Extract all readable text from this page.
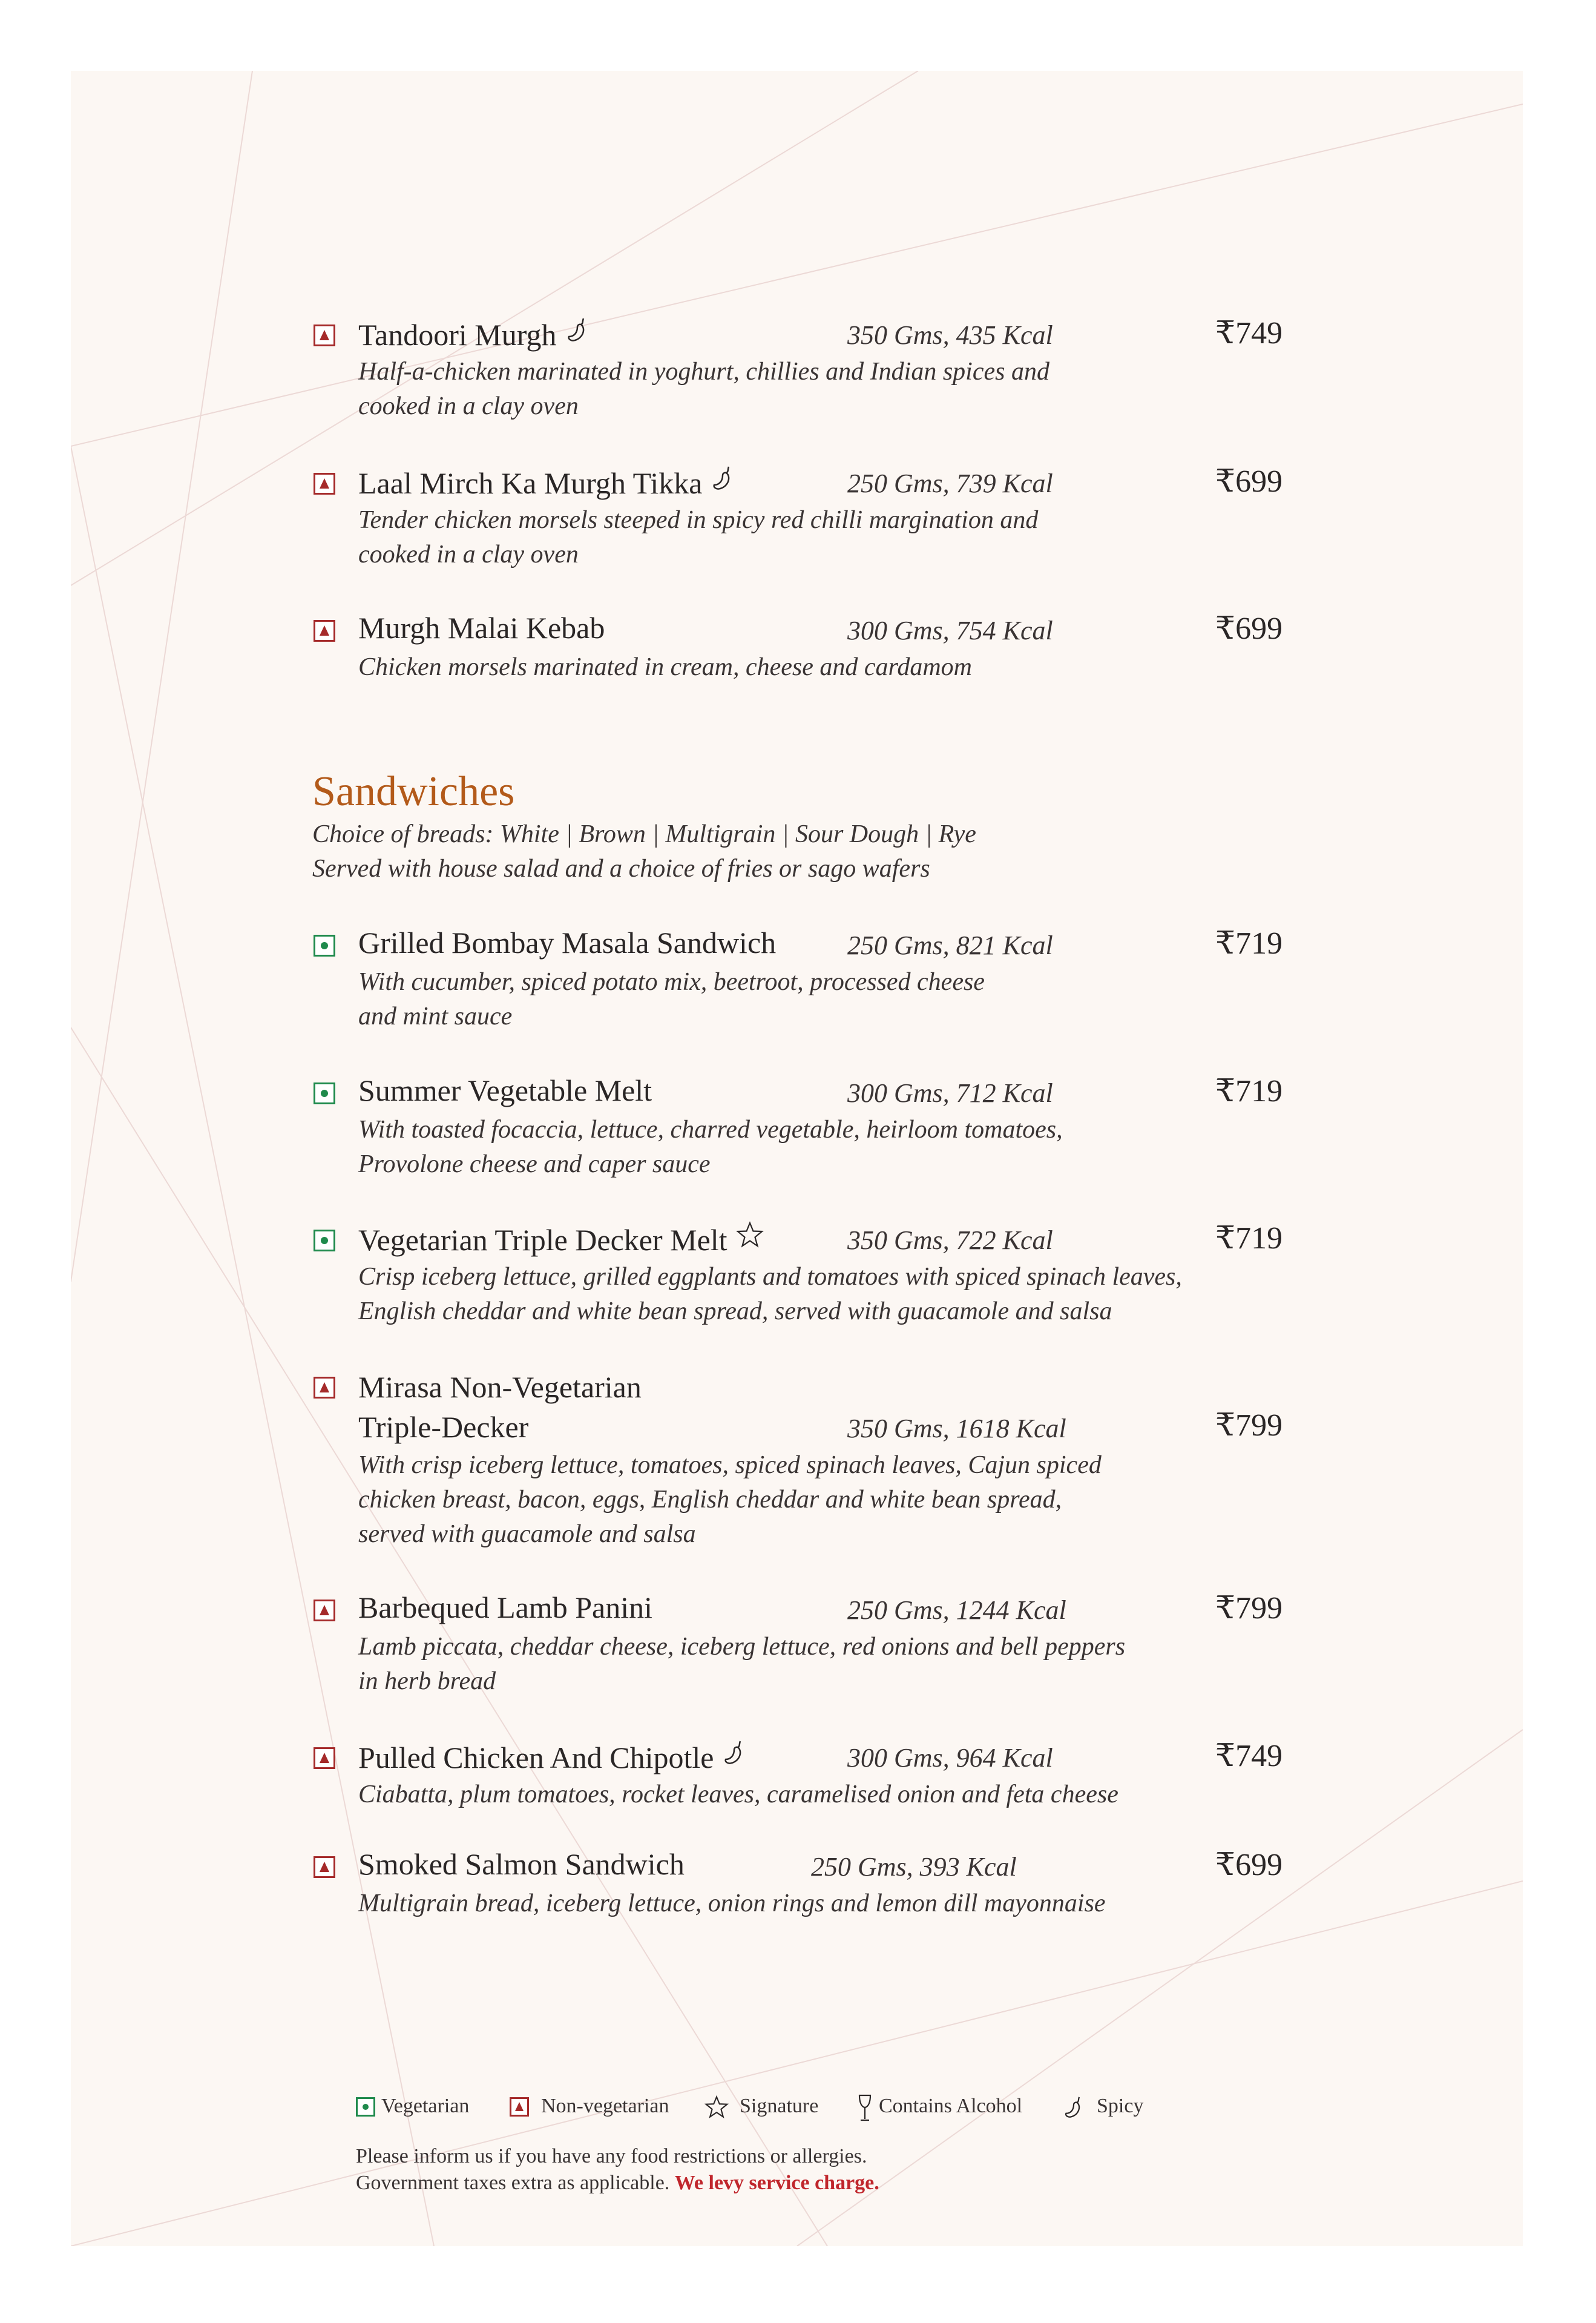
Tandoori Murgh	350 Gms, 435 Kcal	₹749
Half-a-chicken marinated in yoghurt, chillies and Indian spices and
cooked in a clay oven
Laal Mirch Ka Murgh Tikka	250 Gms, 739 Kcal	₹699
Tender chicken morsels steeped in spicy red chilli margination and
cooked in a clay oven
Murgh Malai Kebab	300 Gms, 754 Kcal	₹699
Chicken morsels marinated in cream, cheese and cardamom
Sandwiches
Choice of breads: White | Brown | Multigrain | Sour Dough | Rye
Served with house salad and a choice of fries or sago wafers
Grilled Bombay Masala Sandwich	250 Gms, 821 Kcal	₹719
With cucumber, spiced potato mix, beetroot, processed cheese
and mint sauce
Summer Vegetable Melt	300 Gms, 712 Kcal	₹719
With toasted focaccia, lettuce, charred vegetable, heirloom tomatoes,
Provolone cheese and caper sauce
Vegetarian Triple Decker Melt	350 Gms, 722 Kcal	₹719
Crisp iceberg lettuce, grilled eggplants and tomatoes with spiced spinach leaves,
English cheddar and white bean spread, served with guacamole and salsa
Mirasa Non-Vegetarian
Triple-Decker	350 Gms, 1618 Kcal	₹799
With crisp iceberg lettuce, tomatoes, spiced spinach leaves, Cajun spiced
chicken breast, bacon, eggs, English cheddar and white bean spread,
served with guacamole and salsa
Barbequed Lamb Panini	250 Gms, 1244 Kcal	₹799
Lamb piccata, cheddar cheese, iceberg lettuce, red onions and bell peppers
in herb bread
Pulled Chicken And Chipotle	300 Gms, 964 Kcal	₹749
Ciabatta, plum tomatoes, rocket leaves, caramelised onion and feta cheese
Smoked Salmon Sandwich	250 Gms, 393 Kcal	₹699
Multigrain bread, iceberg lettuce, onion rings and lemon dill mayonnaise
Vegetarian	Non-vegetarian	Signature	Contains Alcohol	Spicy
Please inform us if you have any food restrictions or allergies.
Government taxes extra as applicable. We levy service charge.
